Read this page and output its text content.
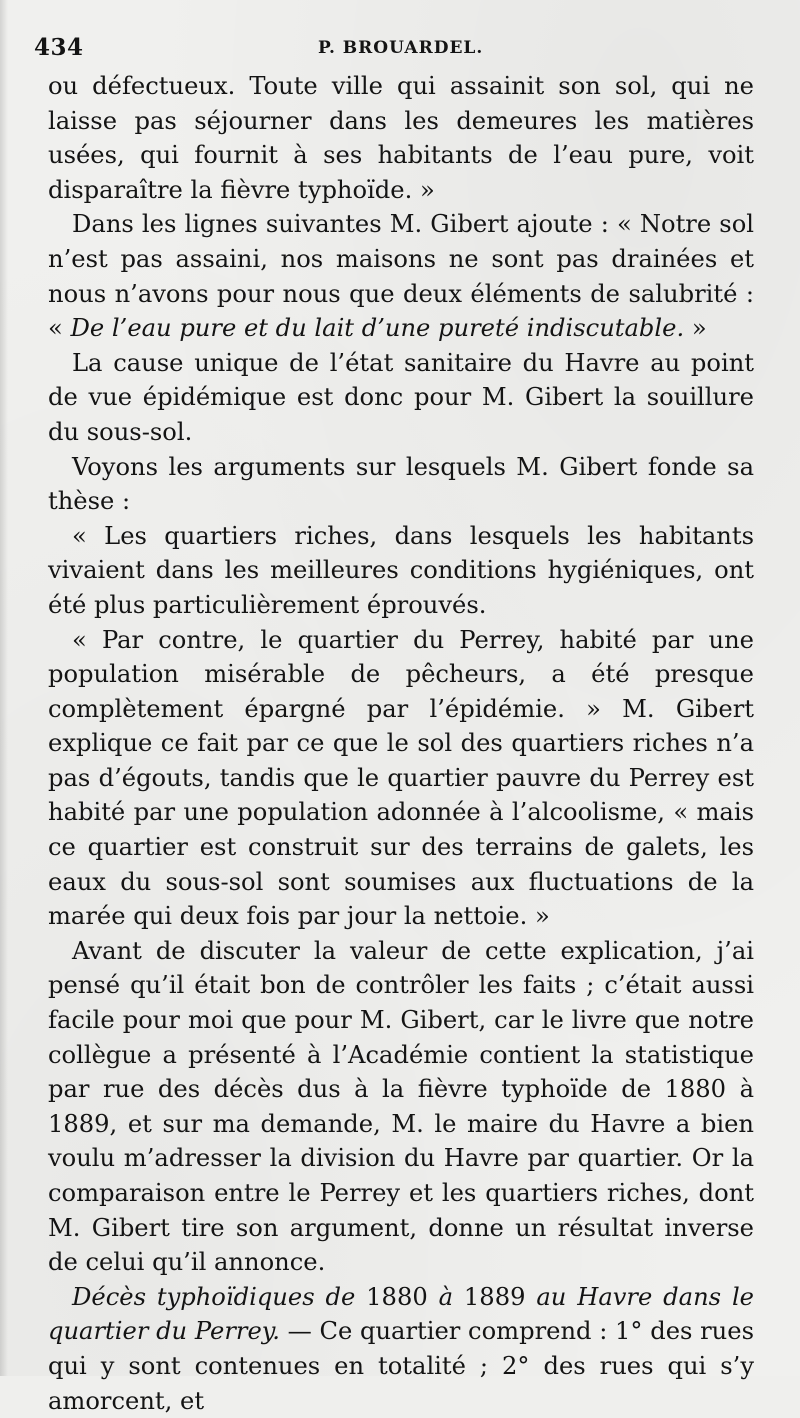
434	P. BROUARDEL.

ou défectueux. Toute ville qui assainit son sol, qui ne laisse pas séjourner dans les demeures les matières usées, qui fournit à ses habitants de l’eau pure, voit disparaître la fièvre typhoïde. »

Dans les lignes suivantes M. Gibert ajoute : « Notre sol n’est pas assaini, nos maisons ne sont pas drainées et nous n’avons pour nous que deux éléments de salubrité : « De l’eau pure et du lait d’une pureté indiscutable. »

La cause unique de l’état sanitaire du Havre au point de vue épidémique est donc pour M. Gibert la souillure du sous-sol.

Voyons les arguments sur lesquels M. Gibert fonde sa thèse :

« Les quartiers riches, dans lesquels les habitants vivaient dans les meilleures conditions hygiéniques, ont été plus particulièrement éprouvés.

« Par contre, le quartier du Perrey, habité par une population misérable de pêcheurs, a été presque complètement épargné par l’épidémie. » M. Gibert explique ce fait par ce que le sol des quartiers riches n’a pas d’égouts, tandis que le quartier pauvre du Perrey est habité par une population adonnée à l’alcoolisme, « mais ce quartier est construit sur des terrains de galets, les eaux du sous-sol sont soumises aux fluctuations de la marée qui deux fois par jour la nettoie. »

Avant de discuter la valeur de cette explication, j’ai pensé qu’il était bon de contrôler les faits ; c’était aussi facile pour moi que pour M. Gibert, car le livre que notre collègue a présenté à l’Académie contient la statistique par rue des décès dus à la fièvre typhoïde de 1880 à 1889, et sur ma demande, M. le maire du Havre a bien voulu m’adresser la division du Havre par quartier. Or la comparaison entre le Perrey et les quartiers riches, dont M. Gibert tire son argument, donne un résultat inverse de celui qu’il annonce.

Décès typhoïdiques de 1880 à 1889 au Havre dans le quartier du Perrey. — Ce quartier comprend : 1° des rues qui y sont contenues en totalité ; 2° des rues qui s’y amorcent, et
